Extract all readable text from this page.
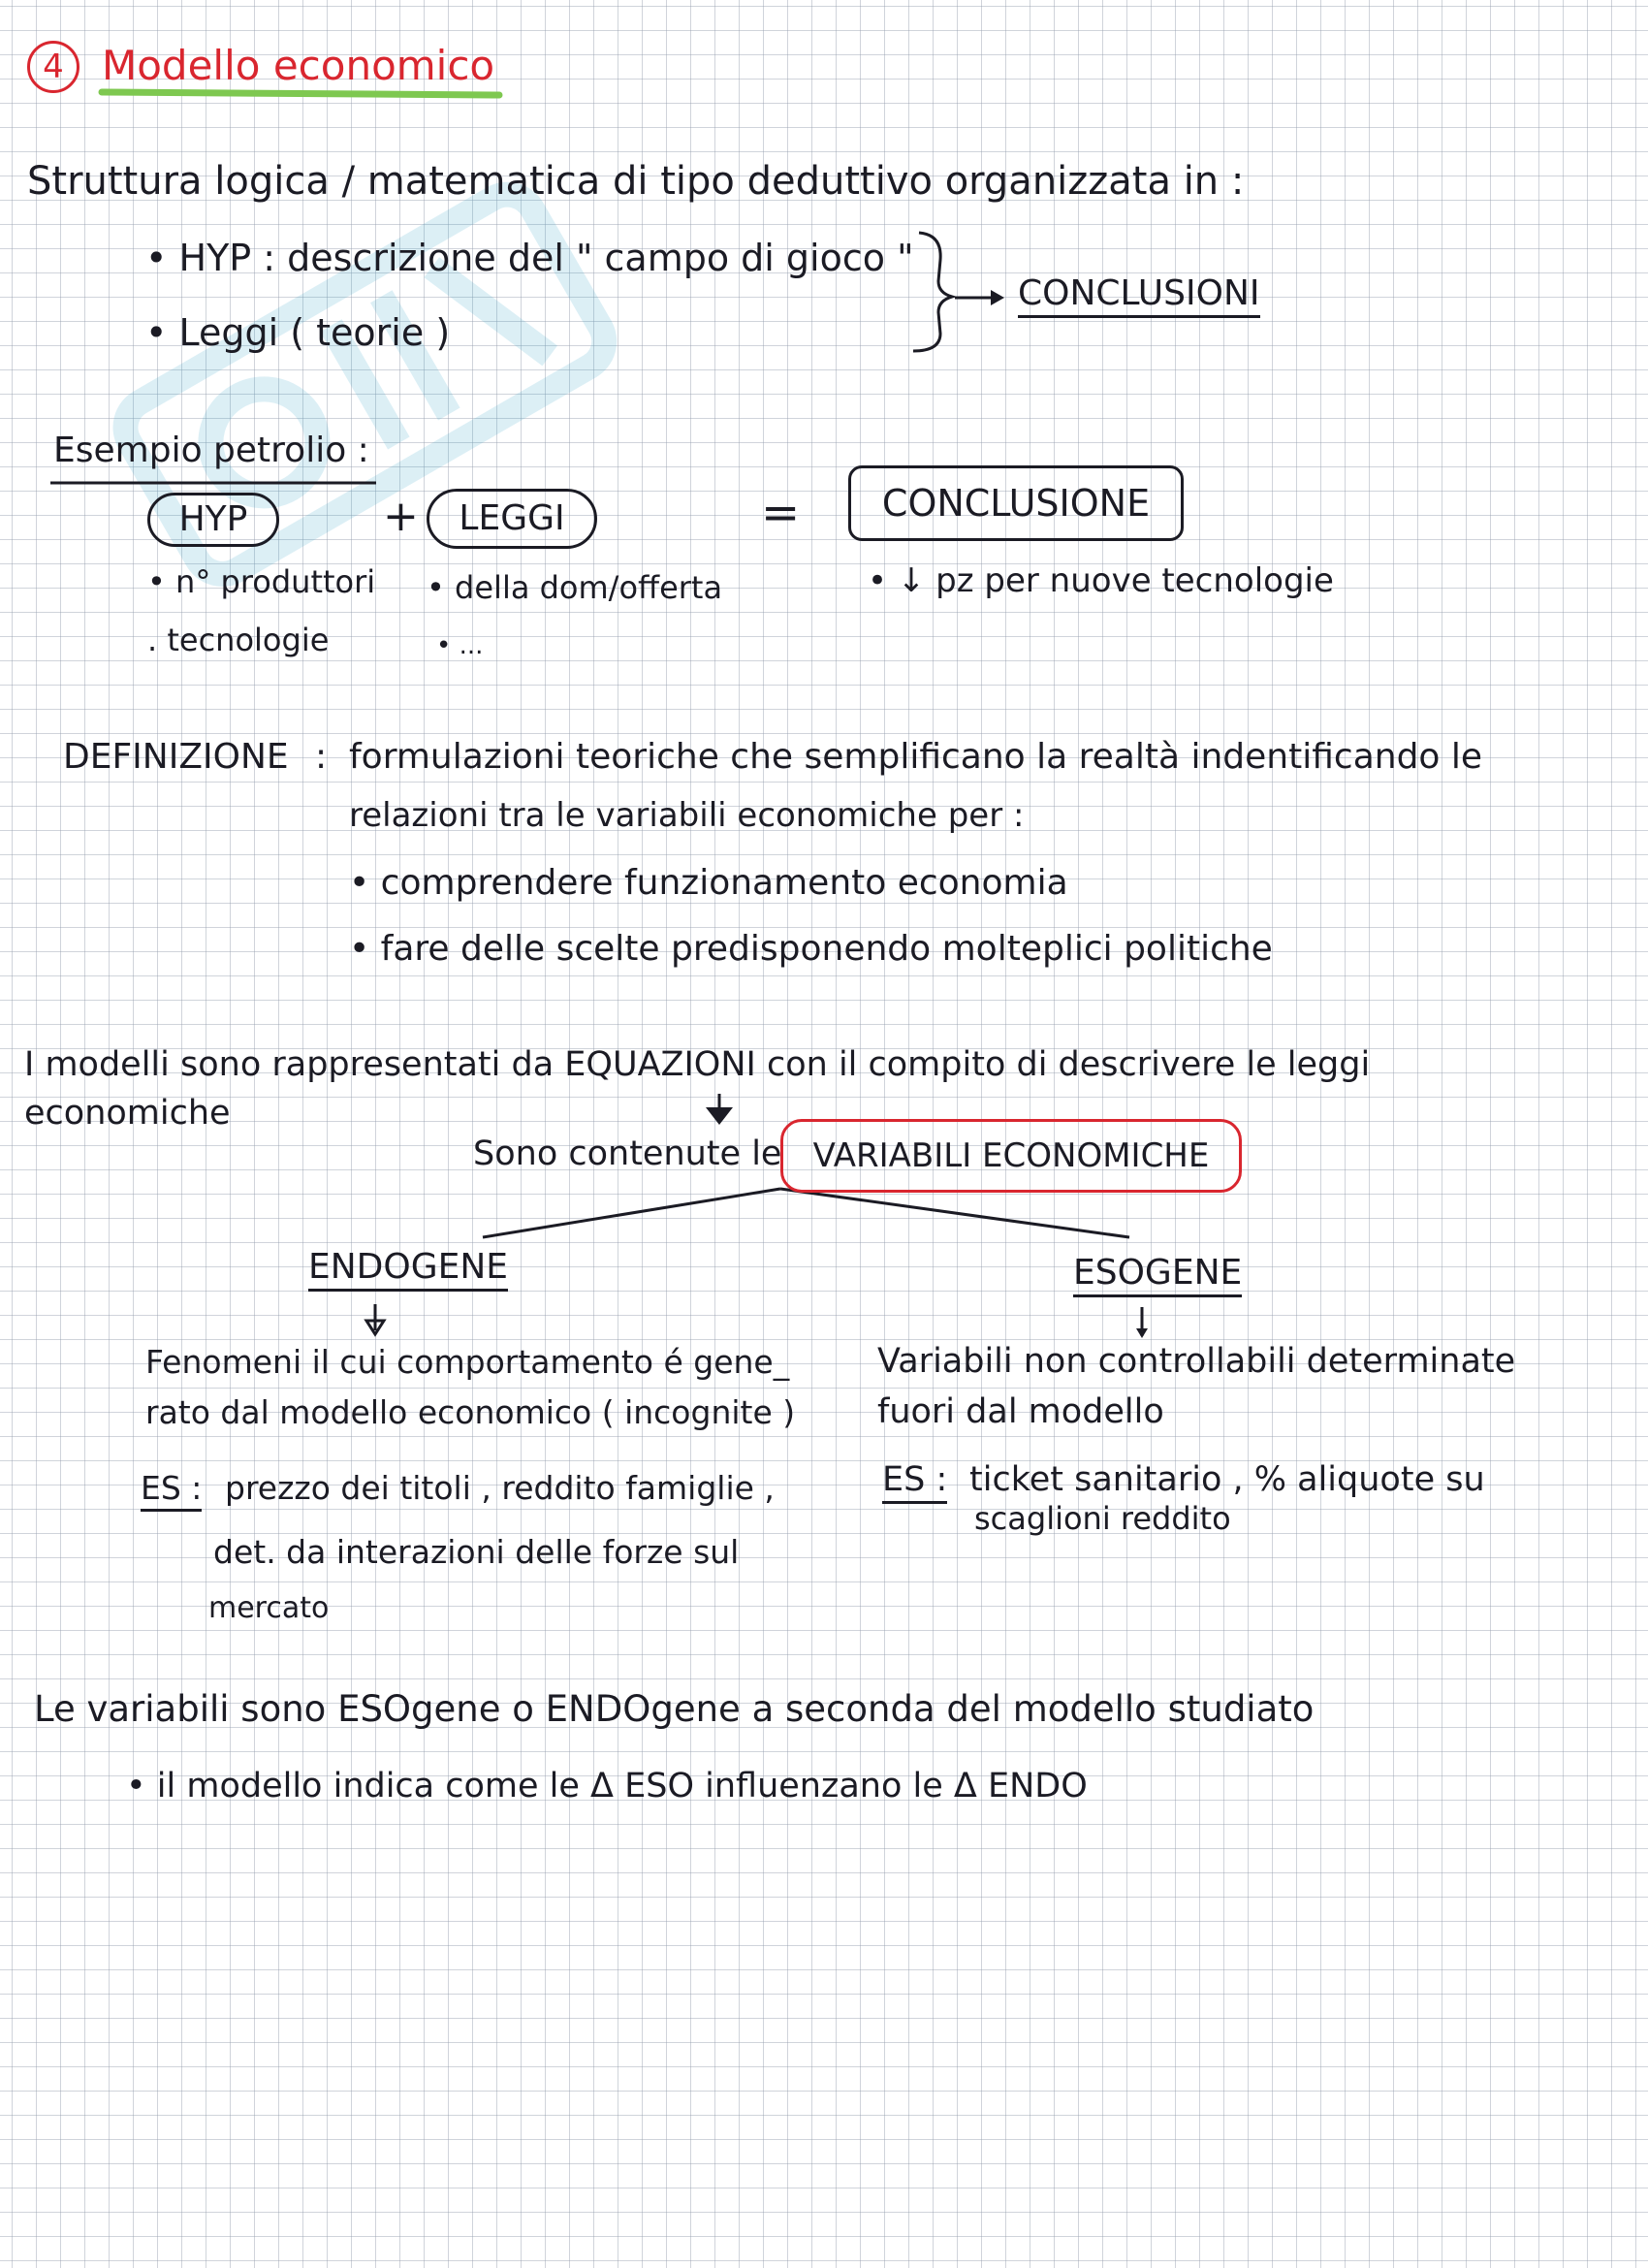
4 Modello economico
Struttura logica / matematica di tipo deduttivo organizzata in :
• HYP : descrizione del " campo di gioco "
• Leggi ( teorie )
CONCLUSIONI
Esempio petrolio :
HYP	+	LEGGI	=	CONCLUSIONE
• n° produttori
. tecnologie
• della dom/offerta
• ...
• ↓ pz per nuove tecnologie
DEFINIZIONE : formulazioni teoriche che semplificano la realtà indentificando le
relazioni tra le variabili economiche per :
• comprendere funzionamento economia
• fare delle scelte predisponendo molteplici politiche
I modelli sono rappresentati da EQUAZIONI con il compito di descrivere le leggi
economiche
Sono contenute le VARIABILI ECONOMICHE
ENDOGENE
Fenomeni il cui comportamento é gene_
rato dal modello economico ( incognite )
ES : prezzo dei titoli , reddito famiglie ,
det. da interazioni delle forze sul
mercato
ESOGENE
Variabili non controllabili determinate
fuori dal modello
ES : ticket sanitario , % aliquote su
scaglioni reddito
Le variabili sono ESOgene o ENDOgene a seconda del modello studiato
• il modello indica come le Δ ESO influenzano le Δ ENDO
